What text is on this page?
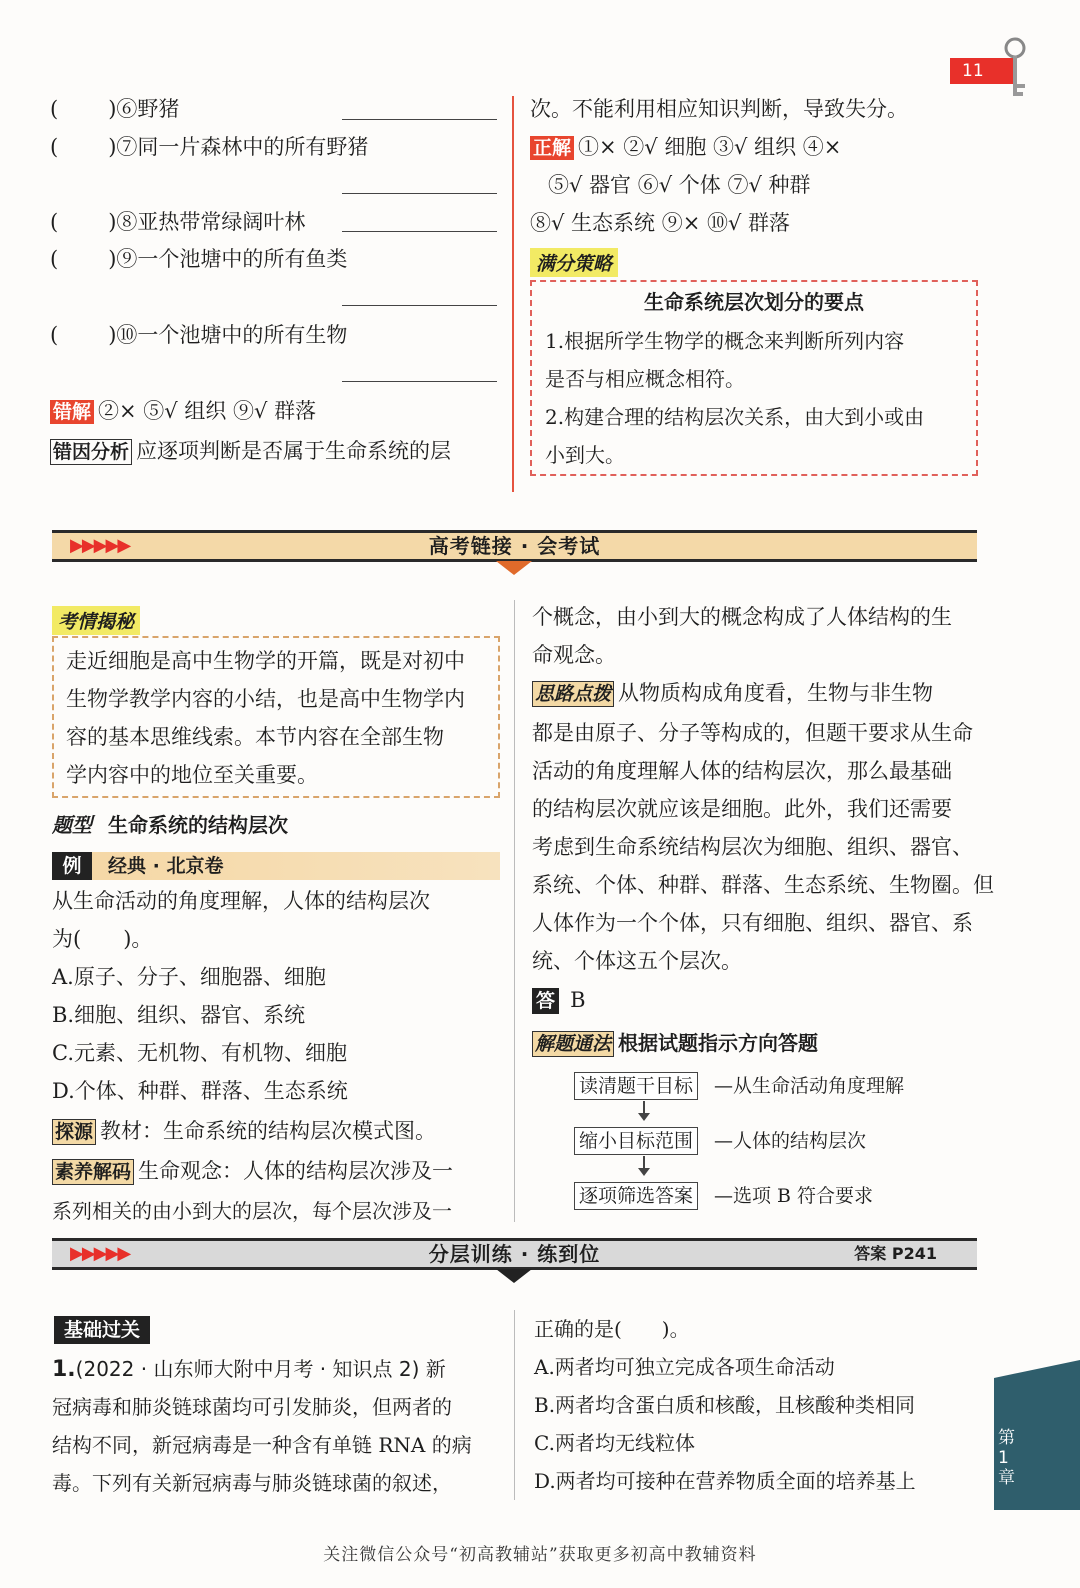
11
( )⑥野猪
( )⑦同一片森林中的所有野猪
( )⑧亚热带常绿阔叶林
( )⑨一个池塘中的所有鱼类
( )⑩一个池塘中的所有生物
错解 ②× ⑤√ 组织 ⑨√ 群落
错因分析 应逐项判断是否属于生命系统的层
次。不能利用相应知识判断，导致失分。
正解 ①× ②√ 细胞 ③√ 组织 ④×
⑤√ 器官 ⑥√ 个体 ⑦√ 种群
⑧√ 生态系统 ⑨× ⑩√ 群落
满分策略
生命系统层次划分的要点
1.根据所学生物学的概念来判断所列内容
是否与相应概念相符。
2.构建合理的结构层次关系，由大到小或由
小到大。
▶▶▶▶▶	高考链接 · 会考试
考情揭秘
走近细胞是高中生物学的开篇，既是对初中
生物学教学内容的小结，也是高中生物学内
容的基本思维线索。本节内容在全部生物
学内容中的地位至关重要。
题型 生命系统的结构层次
例	经典 · 北京卷
从生命活动的角度理解，人体的结构层次
为(　　)。
A.原子、分子、细胞器、细胞
B.细胞、组织、器官、系统
C.元素、无机物、有机物、细胞
D.个体、种群、群落、生态系统
探源 教材：生命系统的结构层次模式图。
素养解码 生命观念：人体的结构层次涉及一
系列相关的由小到大的层次，每个层次涉及一
个概念，由小到大的概念构成了人体结构的生
命观念。
思路点拨 从物质构成角度看，生物与非生物
都是由原子、分子等构成的，但题干要求从生命
活动的角度理解人体的结构层次，那么最基础
的结构层次就应该是细胞。此外，我们还需要
考虑到生命系统结构层次为细胞、组织、器官、
系统、个体、种群、群落、生态系统、生物圈。但
人体作为一个个体，只有细胞、组织、器官、系
统、个体这五个层次。
答 B
解题通法 根据试题指示方向答题
读清题干目标 —从生命活动角度理解
缩小目标范围 —人体的结构层次
逐项筛选答案 —选项 B 符合要求
▶▶▶▶▶	分层训练 · 练到位	答案 P241
基础过关
1.(2022 · 山东师大附中月考 · 知识点 2) 新
冠病毒和肺炎链球菌均可引发肺炎，但两者的
结构不同，新冠病毒是一种含有单链 RNA 的病
毒。下列有关新冠病毒与肺炎链球菌的叙述，
正确的是(　　)。
A.两者均可独立完成各项生命活动
B.两者均含蛋白质和核酸，且核酸种类相同
C.两者均无线粒体
D.两者均可接种在营养物质全面的培养基上
第1章
关注微信公众号“初高教辅站”获取更多初高中教辅资料
